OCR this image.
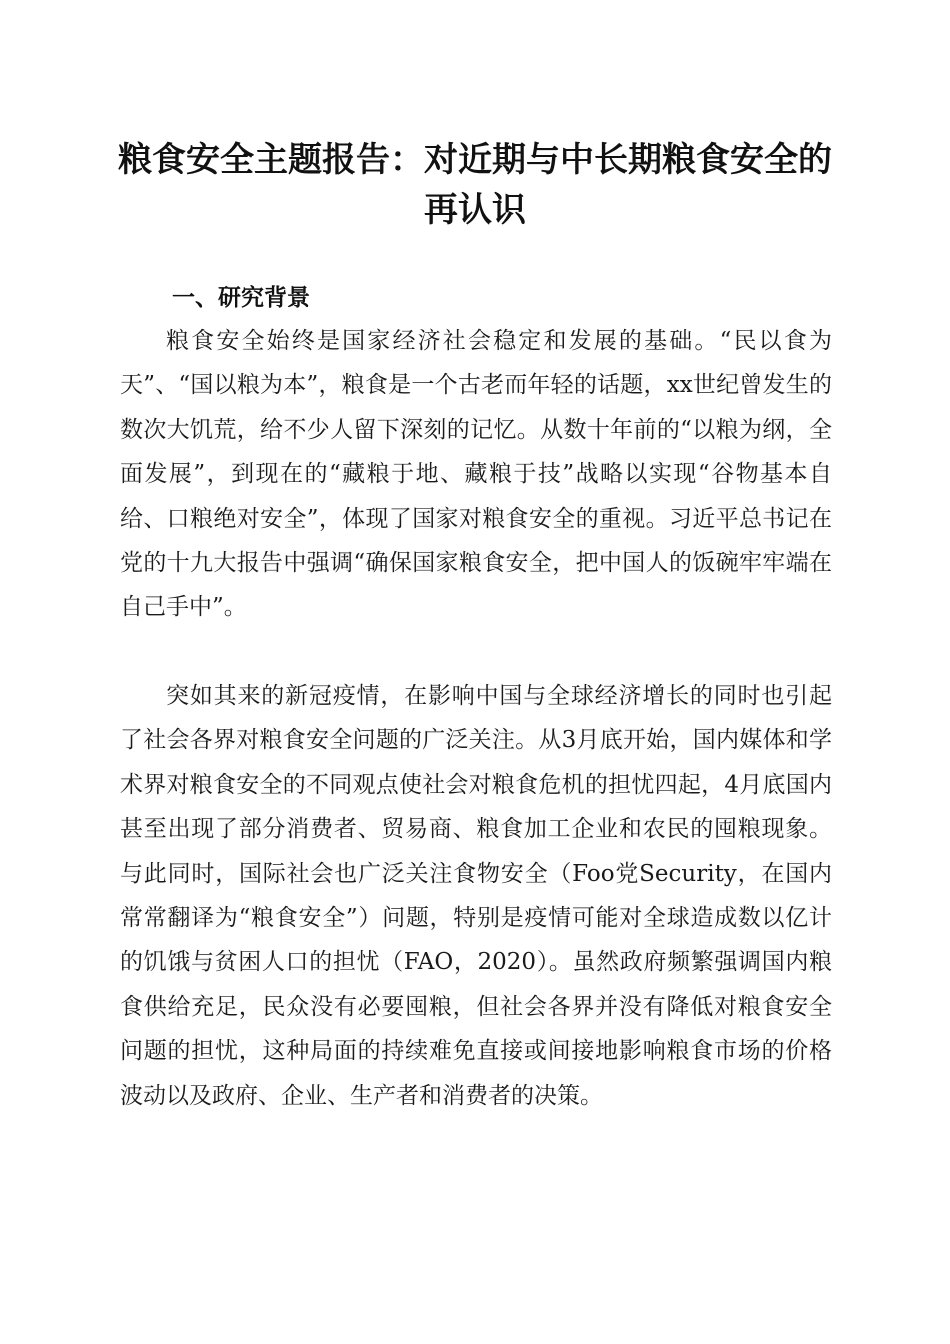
粮食安全主题报告：对近期与中长期粮食安全的再认识
一、研究背景

粮食安全始终是国家经济社会稳定和发展的基础。“民以食为天”、“国以粮为本”，粮食是一个古老而年轻的话题，xx世纪曾发生的数次大饥荒，给不少人留下深刻的记忆。从数十年前的“以粮为纲，全面发展”，到现在的“藏粮于地、藏粮于技”战略以实现“谷物基本自给、口粮绝对安全”，体现了国家对粮食安全的重视。习近平总书记在党的十九大报告中强调“确保国家粮食安全，把中国人的饭碗牢牢端在自己手中”。

突如其来的新冠疫情，在影响中国与全球经济增长的同时也引起了社会各界对粮食安全问题的广泛关注。从3月底开始，国内媒体和学术界对粮食安全的不同观点使社会对粮食危机的担忧四起，4月底国内甚至出现了部分消费者、贸易商、粮食加工企业和农民的囤粮现象。与此同时，国际社会也广泛关注食物安全（Foo党Security，在国内常常翻译为“粮食安全”）问题，特别是疫情可能对全球造成数以亿计的饥饿与贫困人口的担忧（FAO，2020）。虽然政府频繁强调国内粮食供给充足，民众没有必要囤粮，但社会各界并没有降低对粮食安全问题的担忧，这种局面的持续难免直接或间接地影响粮食市场的价格波动以及政府、企业、生产者和消费者的决策。
